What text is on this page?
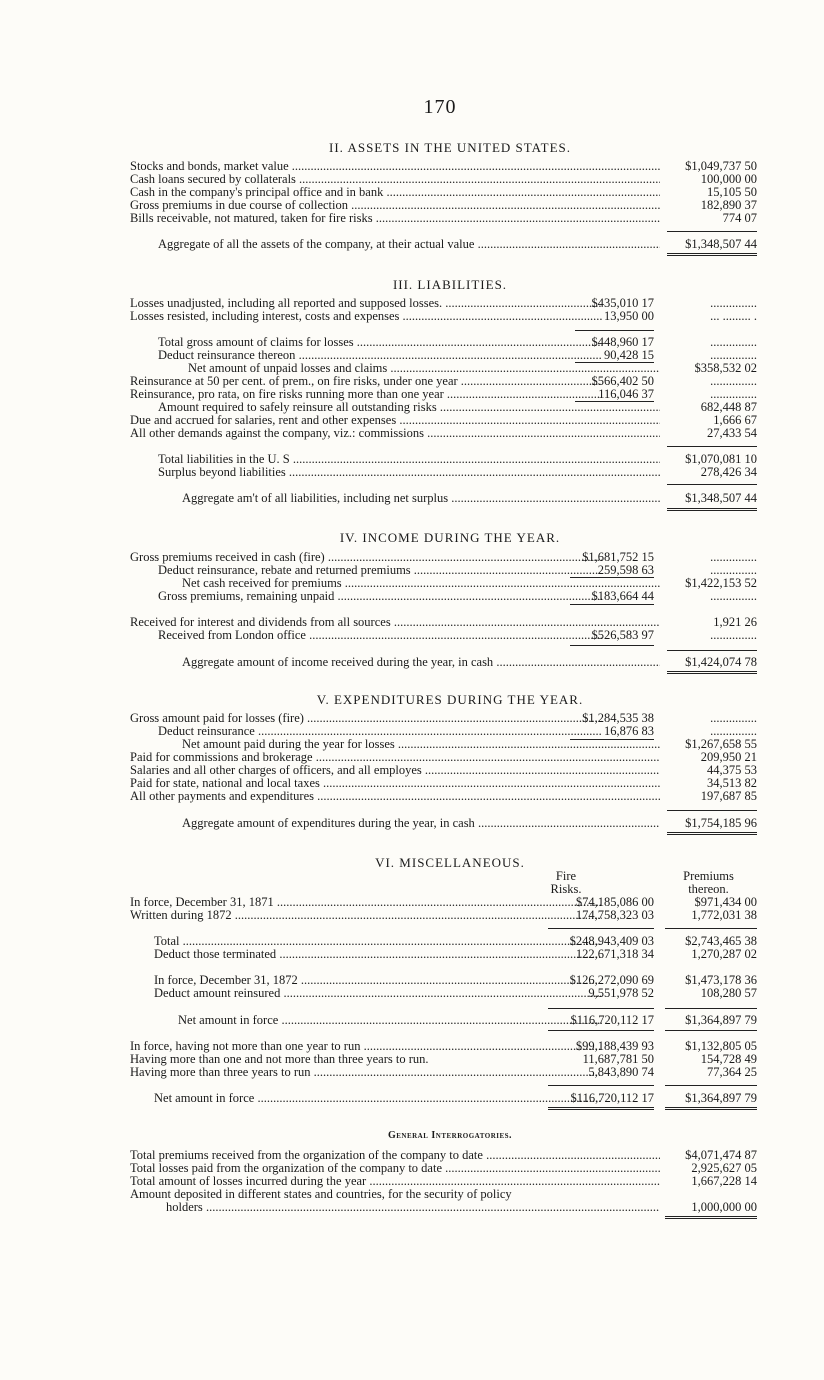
170
II. ASSETS IN THE UNITED STATES.
Stocks and bonds, market value .....	$1,049,737 50
Cash loans secured by collaterals .....	100,000 00
Cash in the company's principal office and in bank .....	15,105 50
Gross premiums in due course of collection .....	182,890 37
Bills receivable, not matured, taken for fire risks .....	774 07
Aggregate of all the assets of the company, at their actual value .....	$1,348,507 44
III. LIABILITIES.
Losses unadjusted, including all reported and supposed losses. .....	$435,010 17	...............
Losses resisted, including interest, costs and expenses .....	13,950 00	... ......... .
Total gross amount of claims for losses .....	$448,960 17	...............
Deduct reinsurance thereon .....	90,428 15	...............
Net amount of unpaid losses and claims .....	$358,532 02
Reinsurance at 50 per cent. of prem., on fire risks, under one year .....	$566,402 50	...............
Reinsurance, pro rata, on fire risks running more than one year .....	116,046 37	...............
Amount required to safely reinsure all outstanding risks .....	682,448 87
Due and accrued for salaries, rent and other expenses .....	1,666 67
All other demands against the company, viz.: commissions .....	27,433 54
Total liabilities in the U. S .....	$1,070,081 10
Surplus beyond liabilities .....	278,426 34
Aggregate am't of all liabilities, including net surplus .....	$1,348,507 44
IV. INCOME DURING THE YEAR.
Gross premiums received in cash (fire) .....	$1,681,752 15	...............
Deduct reinsurance, rebate and returned premiums .....	259,598 63	...............
Net cash received for premiums .....	$1,422,153 52
Gross premiums, remaining unpaid .....	$183,664 44	...............
Received for interest and dividends from all sources .....	1,921 26
Received from London office .....	$526,583 97	...............
Aggregate amount of income received during the year, in cash .....	$1,424,074 78
V. EXPENDITURES DURING THE YEAR.
Gross amount paid for losses (fire) .....	$1,284,535 38	...............
Deduct reinsurance .....	16,876 83	...............
Net amount paid during the year for losses .....	$1,267,658 55
Paid for commissions and brokerage .....	209,950 21
Salaries and all other charges of officers, and all employes .....	44,375 53
Paid for state, national and local taxes .....	34,513 82
All other payments and expenditures .....	197,687 85
Aggregate amount of expenditures during the year, in cash .....	$1,754,185 96
VI. MISCELLANEOUS.
Fire	Premiums
Risks.	thereon.
In force, December 31, 1871 .....	$74,185,086 00	$971,434 00
Written during 1872 .....	174,758,323 03	1,772,031 38
Total .....	$248,943,409 03	$2,743,465 38
Deduct those terminated .....	122,671,318 34	1,270,287 02
In force, December 31, 1872 .....	$126,272,090 69	$1,473,178 36
Deduct amount reinsured .....	9,551,978 52	108,280 57
Net amount in force .....	$116,720,112 17	$1,364,897 79
In force, having not more than one year to run .....	$99,188,439 93	$1,132,805 05
Having more than one and not more than three years to run.	11,687,781 50	154,728 49
Having more than three years to run .....	5,843,890 74	77,364 25
Net amount in force .....	$116,720,112 17	$1,364,897 79
General Interrogatories.
Total premiums received from the organization of the company to date .....	$4,071,474 87
Total losses paid from the organization of the company to date .....	2,925,627 05
Total amount of losses incurred during the year .....	1,667,228 14
Amount deposited in different states and countries, for the security of policy
holders .....	1,000,000 00
